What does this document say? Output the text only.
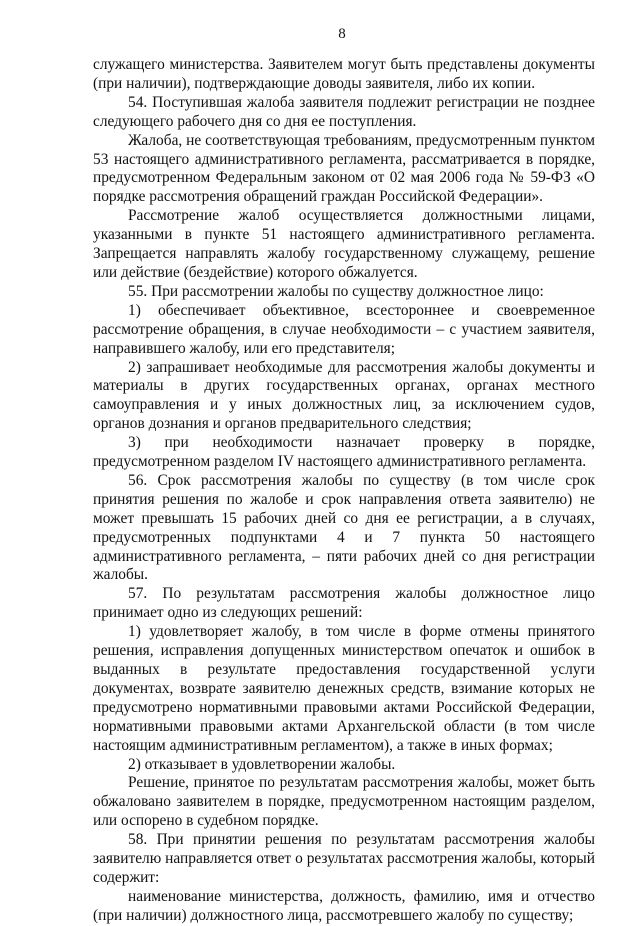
8

служащего министерства. Заявителем могут быть представлены документы (при наличии), подтверждающие доводы заявителя, либо их копии.

54. Поступившая жалоба заявителя подлежит регистрации не позднее следующего рабочего дня со дня ее поступления.

Жалоба, не соответствующая требованиям, предусмотренным пунктом 53 настоящего административного регламента, рассматривается в порядке, предусмотренном Федеральным законом от 02 мая 2006 года № 59-ФЗ «О порядке рассмотрения обращений граждан Российской Федерации».

Рассмотрение жалоб осуществляется должностными лицами, указанными в пункте 51 настоящего административного регламента. Запрещается направлять жалобу государственному служащему, решение или действие (бездействие) которого обжалуется.

55. При рассмотрении жалобы по существу должностное лицо:

1) обеспечивает объективное, всестороннее и своевременное рассмотрение обращения, в случае необходимости – с участием заявителя, направившего жалобу, или его представителя;

2) запрашивает необходимые для рассмотрения жалобы документы и материалы в других государственных органах, органах местного самоуправления и у иных должностных лиц, за исключением судов, органов дознания и органов предварительного следствия;

3) при необходимости назначает проверку в порядке, предусмотренном разделом IV настоящего административного регламента.

56. Срок рассмотрения жалобы по существу (в том числе срок принятия решения по жалобе и срок направления ответа заявителю) не может превышать 15 рабочих дней со дня ее регистрации, а в случаях, предусмотренных подпунктами 4 и 7 пункта 50 настоящего административного регламента, – пяти рабочих дней со дня регистрации жалобы.

57. По результатам рассмотрения жалобы должностное лицо принимает одно из следующих решений:

1) удовлетворяет жалобу, в том числе в форме отмены принятого решения, исправления допущенных министерством опечаток и ошибок в выданных в результате предоставления государственной услуги документах, возврате заявителю денежных средств, взимание которых не предусмотрено нормативными правовыми актами Российской Федерации, нормативными правовыми актами Архангельской области (в том числе настоящим административным регламентом), а также в иных формах;

2) отказывает в удовлетворении жалобы.

Решение, принятое по результатам рассмотрения жалобы, может быть обжаловано заявителем в порядке, предусмотренном настоящим разделом, или оспорено в судебном порядке.

58. При принятии решения по результатам рассмотрения жалобы заявителю направляется ответ о результатах рассмотрения жалобы, который содержит:

наименование министерства, должность, фамилию, имя и отчество (при наличии) должностного лица, рассмотревшего жалобу по существу;
